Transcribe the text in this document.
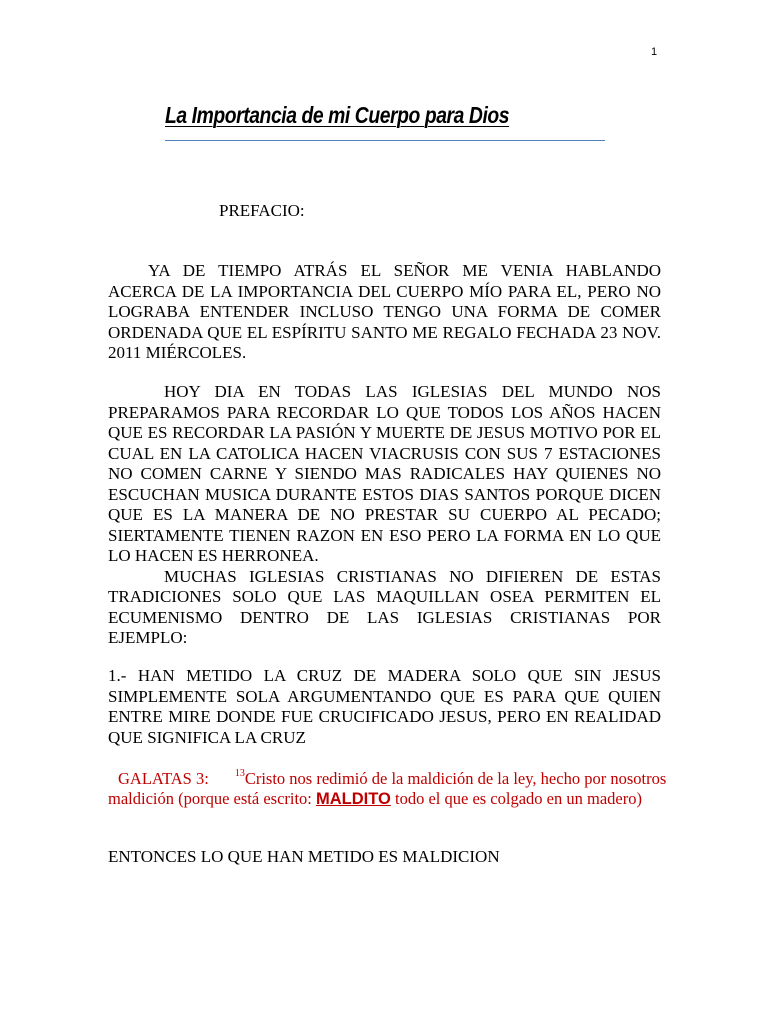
1
La Importancia de mi Cuerpo para Dios
PREFACIO:

YA DE TIEMPO ATRÁS EL SEÑOR ME VENIA HABLANDO ACERCA DE LA IMPORTANCIA DEL CUERPO MÍO PARA EL, PERO NO LOGRABA ENTENDER INCLUSO TENGO UNA FORMA DE COMER ORDENADA QUE EL ESPÍRITU SANTO ME REGALO FECHADA 23 NOV. 2011 MIÉRCOLES.

HOY DIA EN TODAS LAS IGLESIAS DEL MUNDO NOS PREPARAMOS PARA RECORDAR LO QUE TODOS LOS AÑOS HACEN QUE ES RECORDAR LA PASIÓN Y MUERTE DE JESUS MOTIVO POR EL CUAL EN LA CATOLICA HACEN VIACRUSIS CON SUS 7 ESTACIONES NO COMEN CARNE Y SIENDO MAS RADICALES HAY QUIENES NO ESCUCHAN MUSICA DURANTE ESTOS DIAS SANTOS PORQUE DICEN QUE ES LA MANERA DE NO PRESTAR SU CUERPO AL PECADO; SIERTAMENTE TIENEN RAZON EN ESO PERO LA FORMA EN LO QUE LO HACEN ES HERRONEA.
MUCHAS IGLESIAS CRISTIANAS NO DIFIEREN DE ESTAS TRADICIONES SOLO QUE LAS MAQUILLAN OSEA PERMITEN EL ECUMENISMO DENTRO DE LAS IGLESIAS CRISTIANAS POR EJEMPLO:

1.- HAN METIDO LA CRUZ DE MADERA SOLO QUE SIN JESUS SIMPLEMENTE SOLA ARGUMENTANDO QUE ES PARA QUE QUIEN ENTRE MIRE DONDE FUE CRUCIFICADO JESUS, PERO EN REALIDAD QUE SIGNIFICA LA CRUZ

GALATAS 3:	$^{13}$Cristo nos redimió de la maldición de la ley, hecho por nosotros maldición (porque está escrito: MALDITO todo el que es colgado en un madero)
ENTONCES LO QUE HAN METIDO ES MALDICION
